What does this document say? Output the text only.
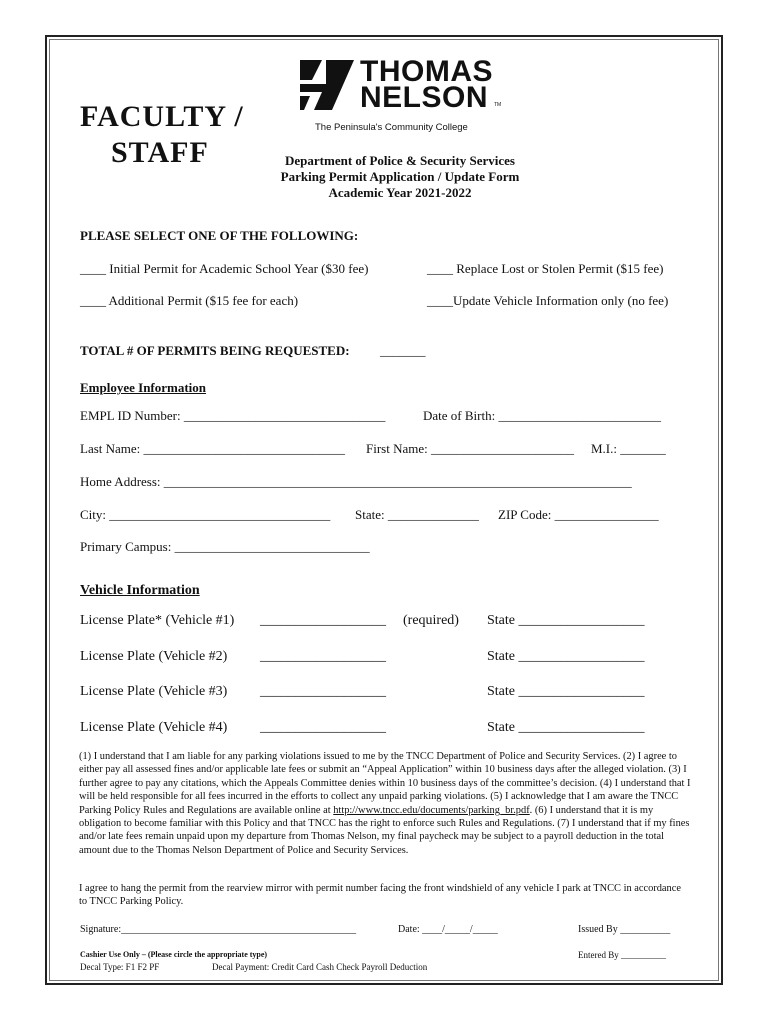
FACULTY /
STAFF
THOMAS
NELSON TM
The Peninsula's Community College
Department of Police & Security Services
Parking Permit Application / Update Form
Academic Year 2021-2022
PLEASE SELECT ONE OF THE FOLLOWING:
____ Initial Permit for Academic School Year ($30 fee)	____ Replace Lost or Stolen Permit ($15 fee)
____ Additional Permit ($15 fee for each)	____Update Vehicle Information only (no fee)
TOTAL # OF PERMITS BEING REQUESTED: _______
Employee Information
EMPL ID Number: _______________________________	Date of Birth: _________________________
Last Name: _______________________________ First Name: ______________________ M.I.: _______
Home Address: ________________________________________________________________________
City: __________________________________ State: ______________ ZIP Code: ________________
Primary Campus: ______________________________
Vehicle Information
License Plate* (Vehicle #1) __________________ (required) State __________________
License Plate (Vehicle #2) __________________	State __________________
License Plate (Vehicle #3) __________________	State __________________
License Plate (Vehicle #4) __________________	State __________________
(1) I understand that I am liable for any parking violations issued to me by the TNCC Department of Police and Security Services. (2) I agree to either pay all assessed fines and/or applicable late fees or submit an “Appeal Application” within 10 business days after the alleged violation. (3) I further agree to pay any citations, which the Appeals Committee denies within 10 business days of the committee’s decision. (4) I understand that I will be held responsible for all fees incurred in the efforts to collect any unpaid parking violations. (5) I acknowledge that I am aware the TNCC Parking Policy Rules and Regulations are available online at http://www.tncc.edu/documents/parking_br.pdf. (6) I understand that it is my obligation to become familiar with this Policy and that TNCC has the right to enforce such Rules and Regulations. (7) I understand that if my fines and/or late fees remain unpaid upon my departure from Thomas Nelson, my final paycheck may be subject to a payroll deduction in the total amount due to the Thomas Nelson Department of Police and Security Services.
I agree to hang the permit from the rearview mirror with permit number facing the front windshield of any vehicle I park at TNCC in accordance to TNCC Parking Policy.
Signature:_______________________________________________	Date: ____/_____/_____	Issued By __________
Cashier Use Only – (Please circle the appropriate type)	Entered By __________
Decal Type: F1 F2 PF	Decal Payment: Credit Card Cash Check Payroll Deduction
